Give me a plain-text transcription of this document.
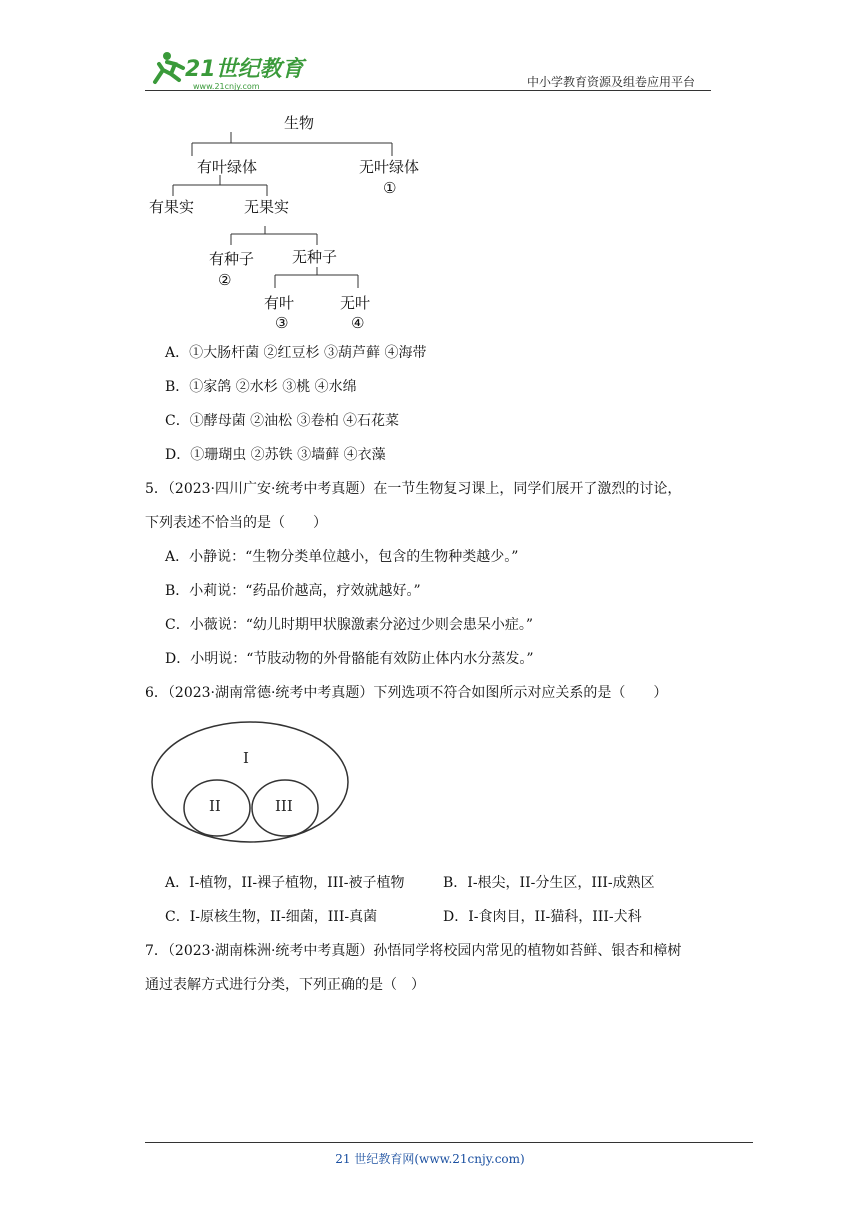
21世纪教育
www.21cnjy.com	中小学教育资源及组卷应用平台
生物
有叶绿体	无叶绿体
①
有果实	无果实
有种子
②
无种子
有叶
③
无叶
④
A．①大肠杆菌 ②红豆杉 ③葫芦藓 ④海带
B．①家鸽 ②水杉 ③桃 ④水绵
C．①酵母菌 ②油松 ③卷柏 ④石花菜
D．①珊瑚虫 ②苏铁 ③墙藓 ④衣藻
5．（2023·四川广安·统考中考真题）在一节生物复习课上，同学们展开了激烈的讨论，
下列表述不恰当的是（　　）
A．小静说：“生物分类单位越小，包含的生物种类越少。”
B．小莉说：“药品价越高，疗效就越好。”
C．小薇说：“幼儿时期甲状腺激素分泌过少则会患呆小症。”
D．小明说：“节肢动物的外骨骼能有效防止体内水分蒸发。”
6．（2023·湖南常德·统考中考真题）下列选项不符合如图所示对应关系的是（　　）
I
II	III
A．I-植物，II-裸子植物，III-被子植物	B．I-根尖，II-分生区，III-成熟区
C．I-原核生物，II-细菌，III-真菌	D．I-食肉目，II-猫科，III-犬科
7．（2023·湖南株洲·统考中考真题）孙悟同学将校园内常见的植物如苔鲜、银杏和樟树
通过表解方式进行分类，下列正确的是（　）
21 世纪教育网(www.21cnjy.com)
